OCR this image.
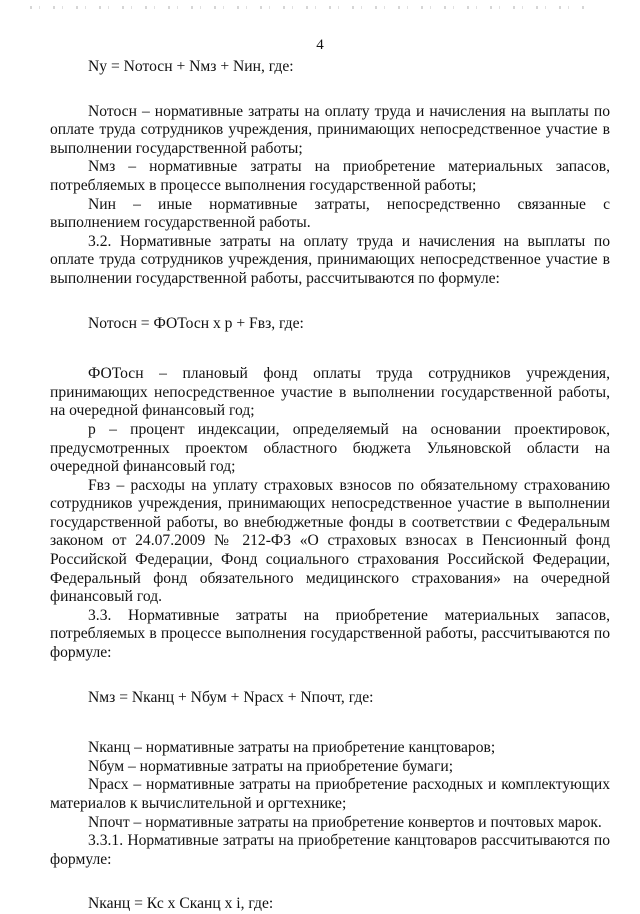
4

Nу = Nотосн + Nмз + Nин, где:

Nотосн – нормативные затраты на оплату труда и начисления на выплаты по оплате труда сотрудников учреждения, принимающих непосредственное участие в выполнении государственной работы;

Nмз – нормативные затраты на приобретение материальных запасов, потребляемых в процессе выполнения государственной работы;

Nин – иные нормативные затраты, непосредственно связанные с выполнением государственной работы.

3.2. Нормативные затраты на оплату труда и начисления на выплаты по оплате труда сотрудников учреждения, принимающих непосредственное участие в выполнении государственной работы, рассчитываются по формуле:

Nотосн = ФОТосн x p + Fвз, где:

ФОТосн – плановый фонд оплаты труда сотрудников учреждения, принимающих непосредственное участие в выполнении государственной работы, на очередной финансовый год;

p – процент индексации, определяемый на основании проектировок, предусмотренных проектом областного бюджета Ульяновской области на очередной финансовый год;

Fвз – расходы на уплату страховых взносов по обязательному страхованию сотрудников учреждения, принимающих непосредственное участие в выполнении государственной работы, во внебюджетные фонды в соответствии с Федеральным законом от 24.07.2009 № 212-ФЗ «О страховых взносах в Пенсионный фонд Российской Федерации, Фонд социального страхования Российской Федерации, Федеральный фонд обязательного медицинского страхования» на очередной финансовый год.

3.3. Нормативные затраты на приобретение материальных запасов, потребляемых в процессе выполнения государственной работы, рассчитываются по формуле:

Nмз = Nканц + Nбум + Nрасх + Nпочт, где:

Nканц – нормативные затраты на приобретение канцтоваров;

Nбум – нормативные затраты на приобретение бумаги;

Nрасх – нормативные затраты на приобретение расходных и комплектующих материалов к вычислительной и оргтехнике;

Nпочт – нормативные затраты на приобретение конвертов и почтовых марок.

3.3.1. Нормативные затраты на приобретение канцтоваров рассчитываются по формуле:

Nканц = Кс х Сканц х i, где:
